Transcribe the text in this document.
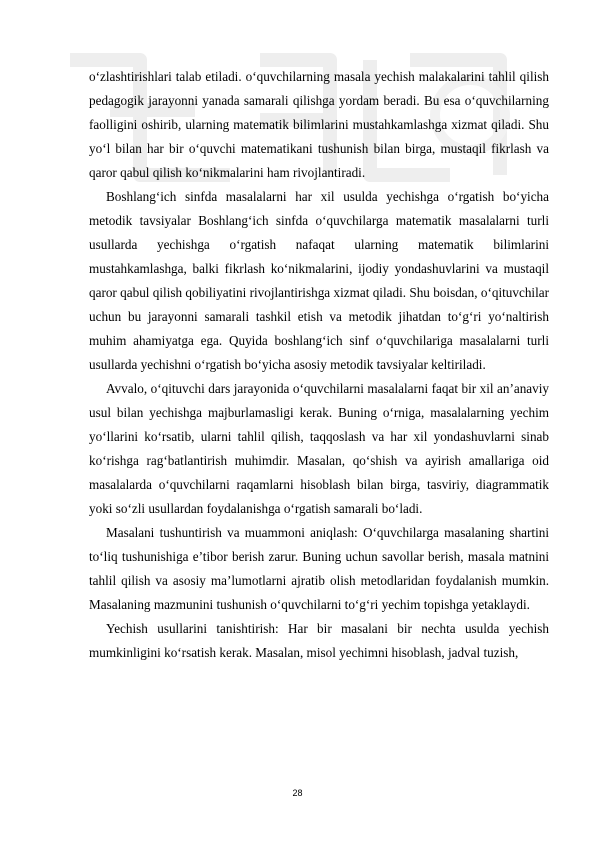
o‘zlashtirishlari talab etiladi. o‘quvchilarning masala yechish malakalarini tahlil qilish pedagogik jarayonni yanada samarali qilishga yordam beradi. Bu esa o‘quvchilarning faolligini oshirib, ularning matematik bilimlarini mustahkamlashga xizmat qiladi. Shu yo‘l bilan har bir o‘quvchi matematikani tushunish bilan birga, mustaqil fikrlash va qaror qabul qilish ko‘nikmalarini ham rivojlantiradi.

Boshlang‘ich sinfda masalalarni har xil usulda yechishga o‘rgatish bo‘yicha metodik tavsiyalar Boshlang‘ich sinfda o‘quvchilarga matematik masalalarni turli usullarda yechishga o‘rgatish nafaqat ularning matematik bilimlarini mustahkamlashga, balki fikrlash ko‘nikmalarini, ijodiy yondashuvlarini va mustaqil qaror qabul qilish qobiliyatini rivojlantirishga xizmat qiladi. Shu boisdan, o‘qituvchilar uchun bu jarayonni samarali tashkil etish va metodik jihatdan to‘g‘ri yo‘naltirish muhim ahamiyatga ega. Quyida boshlang‘ich sinf o‘quvchilariga masalalarni turli usullarda yechishni o‘rgatish bo‘yicha asosiy metodik tavsiyalar keltiriladi.

Avvalo, o‘qituvchi dars jarayonida o‘quvchilarni masalalarni faqat bir xil an’anaviy usul bilan yechishga majburlamasligi kerak. Buning o‘rniga, masalalarning yechim yo‘llarini ko‘rsatib, ularni tahlil qilish, taqqoslash va har xil yondashuvlarni sinab ko‘rishga rag‘batlantirish muhimdir. Masalan, qo‘shish va ayirish amallariga oid masalalarda o‘quvchilarni raqamlarni hisoblash bilan birga, tasviriy, diagrammatik yoki so‘zli usullardan foydalanishga o‘rgatish samarali bo‘ladi.

Masalani tushuntirish va muammoni aniqlash: O‘quvchilarga masalaning shartini to‘liq tushunishiga e’tibor berish zarur. Buning uchun savollar berish, masala matnini tahlil qilish va asosiy ma’lumotlarni ajratib olish metodlaridan foydalanish mumkin. Masalaning mazmunini tushunish o‘quvchilarni to‘g‘ri yechim topishga yetaklaydi.

Yechish usullarini tanishtirish: Har bir masalani bir nechta usulda yechish mumkinligini ko‘rsatish kerak. Masalan, misol yechimni hisoblash, jadval tuzish,

28
